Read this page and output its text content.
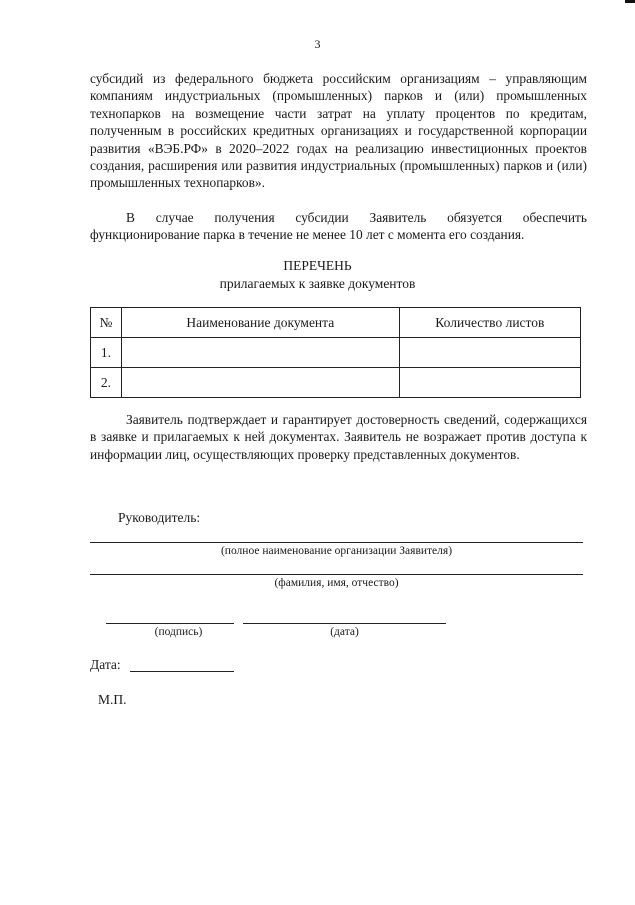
3
субсидий из федерального бюджета российским организациям – управляющим компаниям индустриальных (промышленных) парков и (или) промышленных технопарков на возмещение части затрат на уплату процентов по кредитам, полученным в российских кредитных организациях и государственной корпорации развития «ВЭБ.РФ» в 2020–2022 годах на реализацию инвестиционных проектов создания, расширения или развития индустриальных (промышленных) парков и (или) промышленных технопарков».
В случае получения субсидии Заявитель обязуется обеспечить функционирование парка в течение не менее 10 лет с момента его создания.
ПЕРЕЧЕНЬ
прилагаемых к заявке документов
№	Наименование документа	Количество листов
1.		
2.		
Заявитель подтверждает и гарантирует достоверность сведений, содержащихся в заявке и прилагаемых к ней документах. Заявитель не возражает против доступа к информации лиц, осуществляющих проверку представленных документов.
Руководитель:
(полное наименование организации Заявителя)
(фамилия, имя, отчество)
(подпись)	(дата)
Дата:
М.П.
